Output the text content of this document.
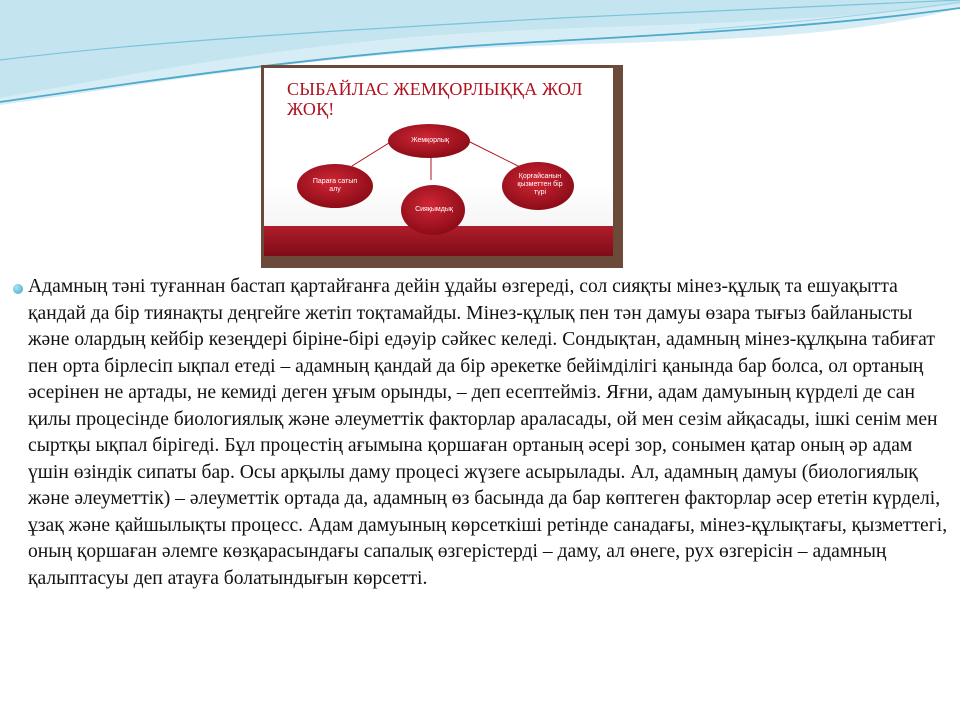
СЫБАЙЛАС ЖЕМҚОРЛЫҚҚА ЖОЛ ЖОҚ!
Жемқорлық
Параға сатып алу
Сияқымдық
Қорғайсанын қызметтен бір түрі

Адамның тәні туғаннан бастап қартайғанға дейін ұдайы өзгереді, сол сияқты мінез-құлық та ешуақытта қандай да бір тиянақты деңгейге жетіп тоқтамайды. Мінез-құлық пен тән дамуы өзара тығыз байланысты және олардың кейбір кезеңдері біріне-бірі едәуір сәйкес келеді. Сондықтан, адамның мінез-құлқына табиғат пен орта бірлесіп ықпал етеді – адамның қандай да бір әрекетке бейімділігі қанында бар болса, ол ортаның әсерінен не артады, не кемиді деген ұғым орынды, – деп есептейміз. Яғни, адам дамуының күрделі де сан қилы процесінде биологиялық және әлеуметтік факторлар араласады, ой мен сезім айқасады, ішкі сенім мен сыртқы ықпал бірігеді. Бұл процестің ағымына қоршаған ортаның әсері зор, сонымен қатар оның әр адам үшін өзіндік сипаты бар. Осы арқылы даму процесі жүзеге асырылады. Ал, адамның дамуы (биологиялық және әлеуметтік) – әлеуметтік ортада да, адамның өз басында да бар көптеген факторлар әсер ететін күрделі, ұзақ және қайшылықты процесс. Адам дамуының көрсеткіші ретінде санадағы, мінез-құлықтағы, қызметтегі, оның қоршаған әлемге көзқарасындағы сапалық өзгерістерді – даму, ал өнеге, рух өзгерісін – адамның қалыптасуы деп атауға болатындығын көрсетті.
